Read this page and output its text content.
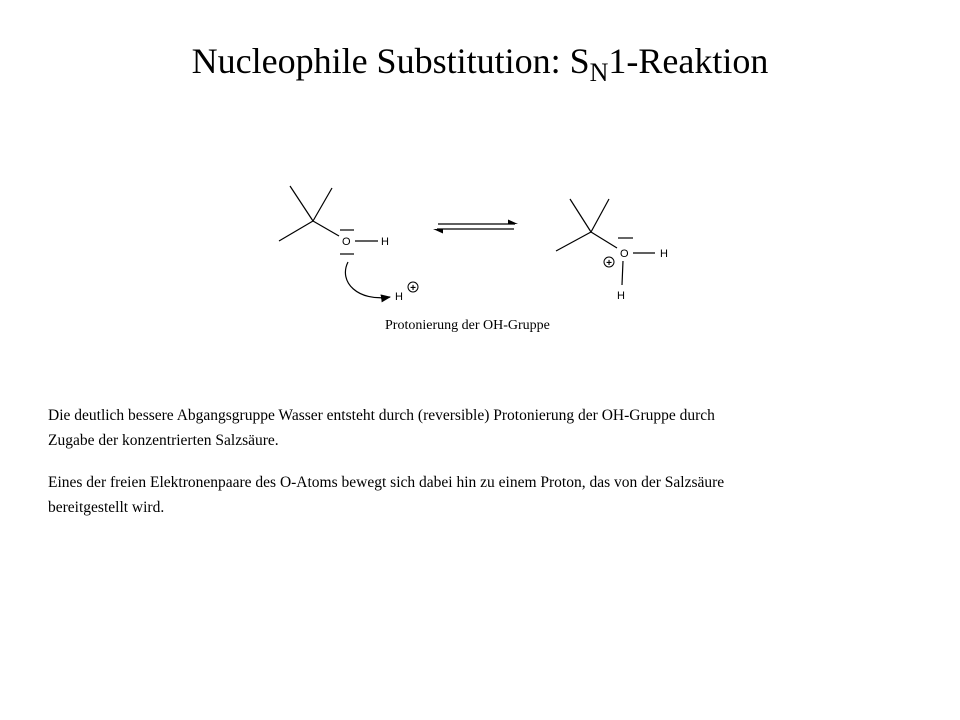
Nucleophile Substitution: $S_N1$-Reaktion
O	H
H
+
O	H
H
+
Protonierung der OH-Gruppe
Die deutlich bessere Abgangsgruppe Wasser entsteht durch (reversible) Protonierung der OH-Gruppe durch
Zugabe der konzentrierten Salzsäure.
Eines der freien Elektronenpaare des O-Atoms bewegt sich dabei hin zu einem Proton, das von der Salzsäure
bereitgestellt wird.
